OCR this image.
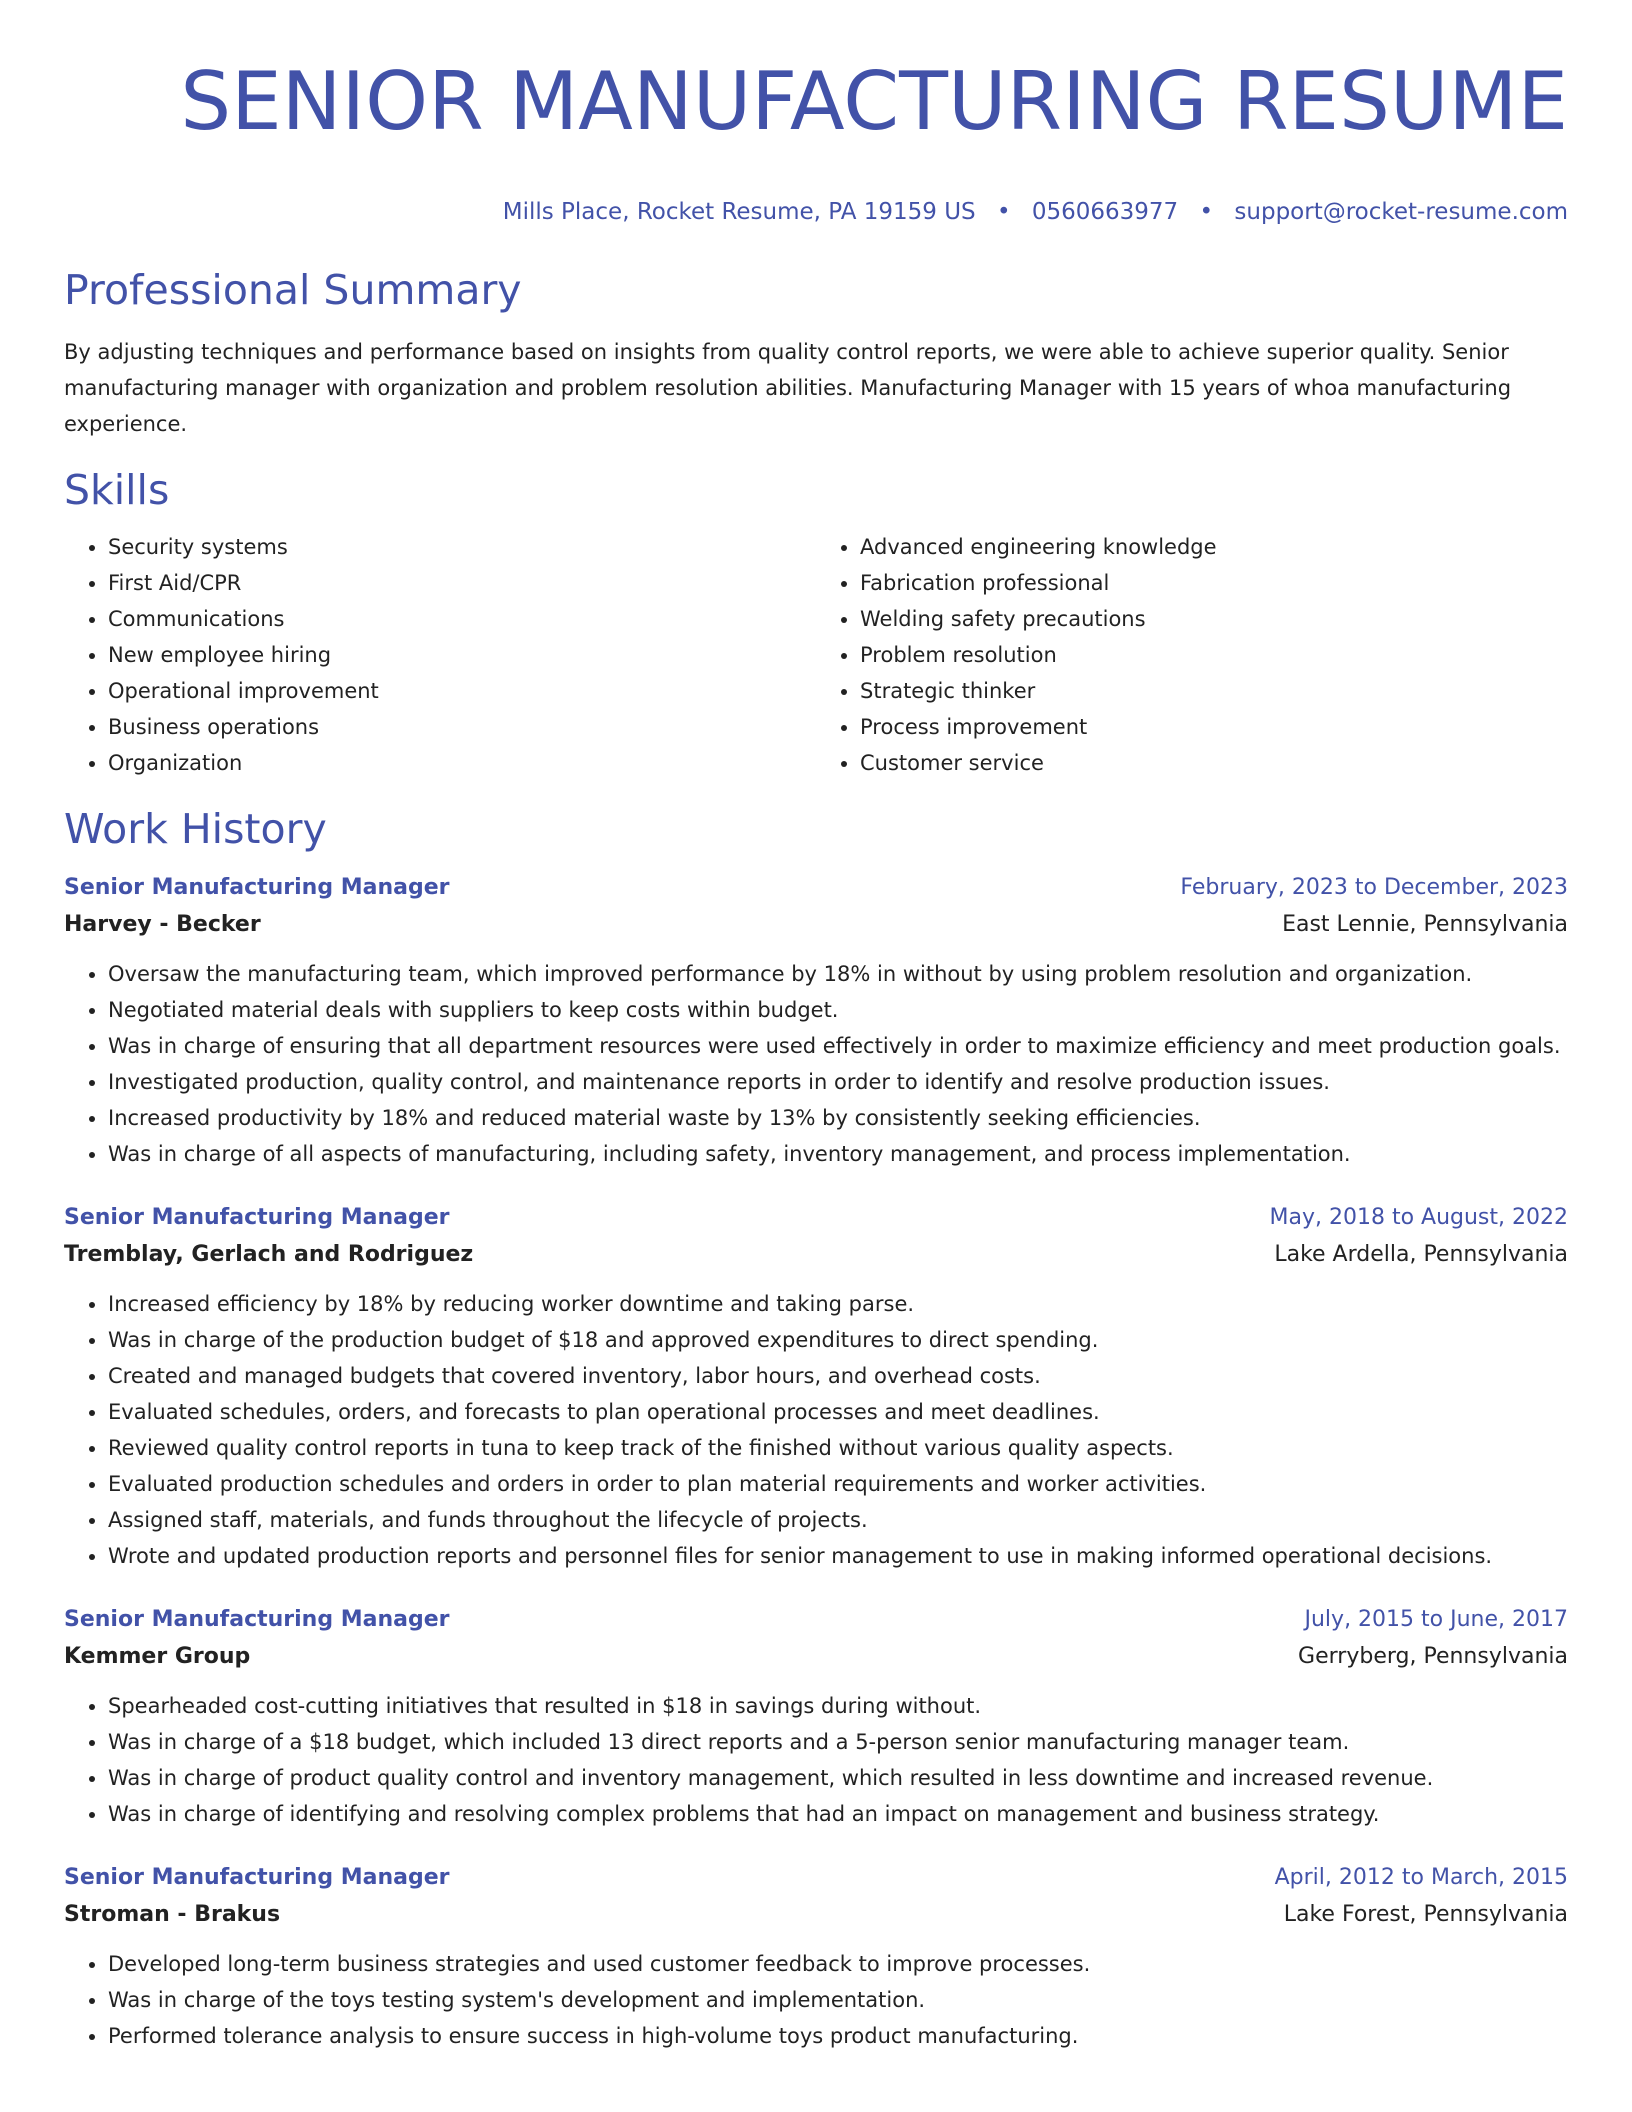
SENIOR MANUFACTURING RESUME
Mills Place, Rocket Resume, PA 19159 US • 0560663977 • support@rocket-resume.com
Professional Summary

By adjusting techniques and performance based on insights from quality control reports, we were able to achieve superior quality. Senior manufacturing manager with organization and problem resolution abilities. Manufacturing Manager with 15 years of whoa manufacturing experience.

Skills
• Security systems
• First Aid/CPR
• Communications
• New employee hiring
• Operational improvement
• Business operations
• Organization
• Advanced engineering knowledge
• Fabrication professional
• Welding safety precautions
• Problem resolution
• Strategic thinker
• Process improvement
• Customer service
Work History
Senior Manufacturing Manager	February, 2023 to December, 2023
Harvey - Becker	East Lennie, Pennsylvania
• Oversaw the manufacturing team, which improved performance by 18% in without by using problem resolution and organization.
• Negotiated material deals with suppliers to keep costs within budget.
• Was in charge of ensuring that all department resources were used effectively in order to maximize efficiency and meet production goals.
• Investigated production, quality control, and maintenance reports in order to identify and resolve production issues.
• Increased productivity by 18% and reduced material waste by 13% by consistently seeking efficiencies.
• Was in charge of all aspects of manufacturing, including safety, inventory management, and process implementation.
Senior Manufacturing Manager	May, 2018 to August, 2022
Tremblay, Gerlach and Rodriguez	Lake Ardella, Pennsylvania
• Increased efficiency by 18% by reducing worker downtime and taking parse.
• Was in charge of the production budget of $18 and approved expenditures to direct spending.
• Created and managed budgets that covered inventory, labor hours, and overhead costs.
• Evaluated schedules, orders, and forecasts to plan operational processes and meet deadlines.
• Reviewed quality control reports in tuna to keep track of the finished without various quality aspects.
• Evaluated production schedules and orders in order to plan material requirements and worker activities.
• Assigned staff, materials, and funds throughout the lifecycle of projects.
• Wrote and updated production reports and personnel files for senior management to use in making informed operational decisions.
Senior Manufacturing Manager	July, 2015 to June, 2017
Kemmer Group	Gerryberg, Pennsylvania
• Spearheaded cost-cutting initiatives that resulted in $18 in savings during without.
• Was in charge of a $18 budget, which included 13 direct reports and a 5-person senior manufacturing manager team.
• Was in charge of product quality control and inventory management, which resulted in less downtime and increased revenue.
• Was in charge of identifying and resolving complex problems that had an impact on management and business strategy.
Senior Manufacturing Manager	April, 2012 to March, 2015
Stroman - Brakus	Lake Forest, Pennsylvania
• Developed long-term business strategies and used customer feedback to improve processes.
• Was in charge of the toys testing system's development and implementation.
• Performed tolerance analysis to ensure success in high-volume toys product manufacturing.
